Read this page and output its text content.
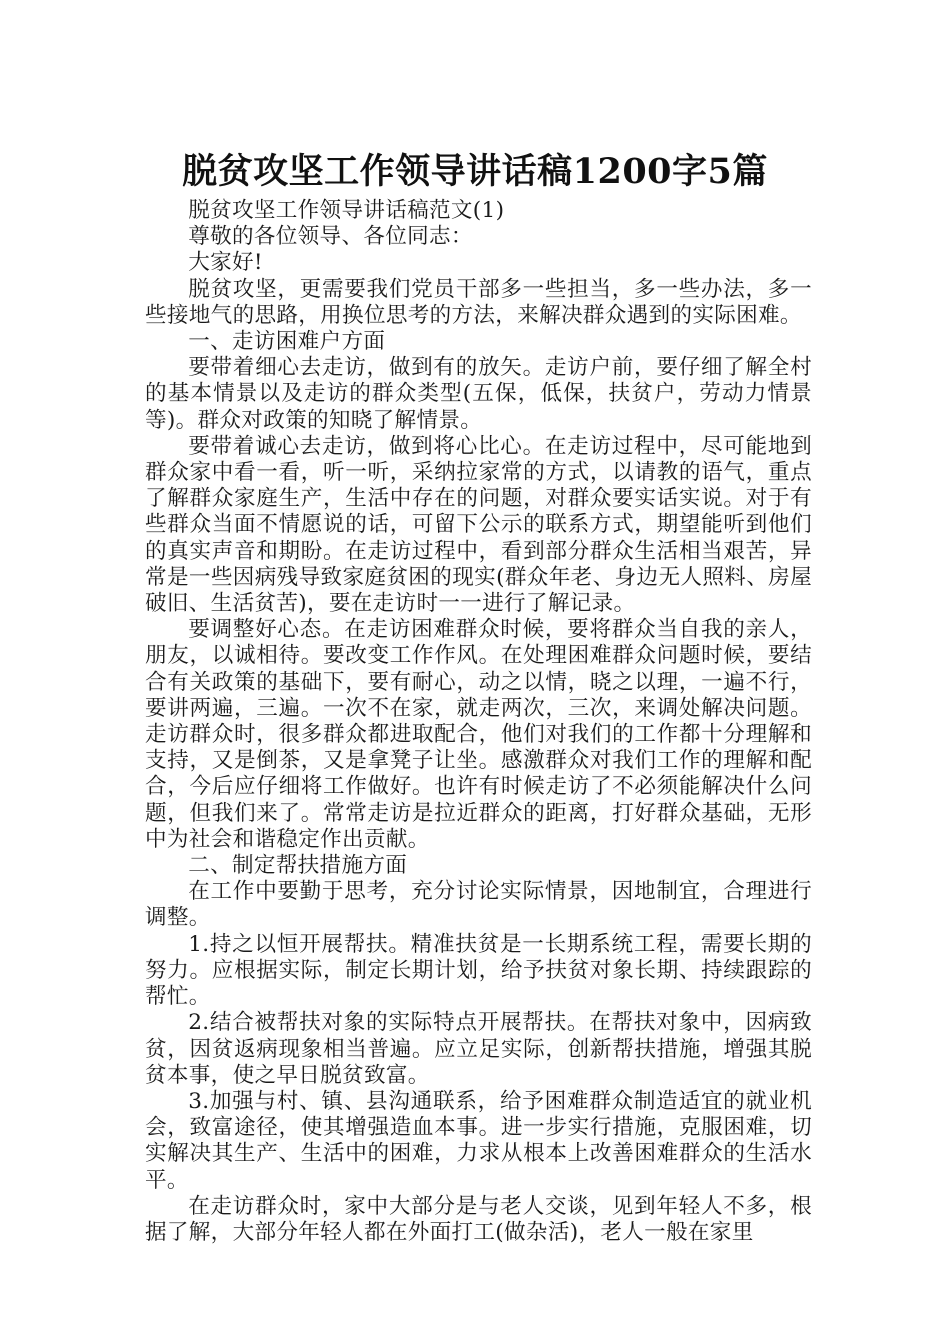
脱贫攻坚工作领导讲话稿1200字5篇

脱贫攻坚工作领导讲话稿范文(1)

尊敬的各位领导、各位同志：

大家好!

脱贫攻坚，更需要我们党员干部多一些担当，多一些办法，多一些接地气的思路，用换位思考的方法，来解决群众遇到的实际困难。

一、走访困难户方面

要带着细心去走访，做到有的放矢。走访户前，要仔细了解全村的基本情景以及走访的群众类型(五保，低保，扶贫户，劳动力情景等)。群众对政策的知晓了解情景。

要带着诚心去走访，做到将心比心。在走访过程中，尽可能地到群众家中看一看，听一听，采纳拉家常的方式，以请教的语气，重点了解群众家庭生产，生活中存在的问题，对群众要实话实说。对于有些群众当面不情愿说的话，可留下公示的联系方式，期望能听到他们的真实声音和期盼。在走访过程中，看到部分群众生活相当艰苦，异常是一些因病残导致家庭贫困的现实(群众年老、身边无人照料、房屋破旧、生活贫苦)，要在走访时一一进行了解记录。

要调整好心态。在走访困难群众时候，要将群众当自我的亲人，朋友，以诚相待。要改变工作作风。在处理困难群众问题时候，要结合有关政策的基础下，要有耐心，动之以情，晓之以理，一遍不行，要讲两遍，三遍。一次不在家，就走两次，三次，来调处解决问题。走访群众时，很多群众都进取配合，他们对我们的工作都十分理解和支持，又是倒茶，又是拿凳子让坐。感激群众对我们工作的理解和配合，今后应仔细将工作做好。也许有时候走访了不必须能解决什么问题，但我们来了。常常走访是拉近群众的距离，打好群众基础，无形中为社会和谐稳定作出贡献。

二、制定帮扶措施方面

在工作中要勤于思考，充分讨论实际情景，因地制宜，合理进行调整。

1.持之以恒开展帮扶。精准扶贫是一长期系统工程，需要长期的努力。应根据实际，制定长期计划，给予扶贫对象长期、持续跟踪的帮忙。

2.结合被帮扶对象的实际特点开展帮扶。在帮扶对象中，因病致贫，因贫返病现象相当普遍。应立足实际，创新帮扶措施，增强其脱贫本事，使之早日脱贫致富。

3.加强与村、镇、县沟通联系，给予困难群众制造适宜的就业机会，致富途径，使其增强造血本事。进一步实行措施，克服困难，切实解决其生产、生活中的困难，力求从根本上改善困难群众的生活水平。

在走访群众时，家中大部分是与老人交谈，见到年轻人不多，根据了解，大部分年轻人都在外面打工(做杂活)，老人一般在家里
